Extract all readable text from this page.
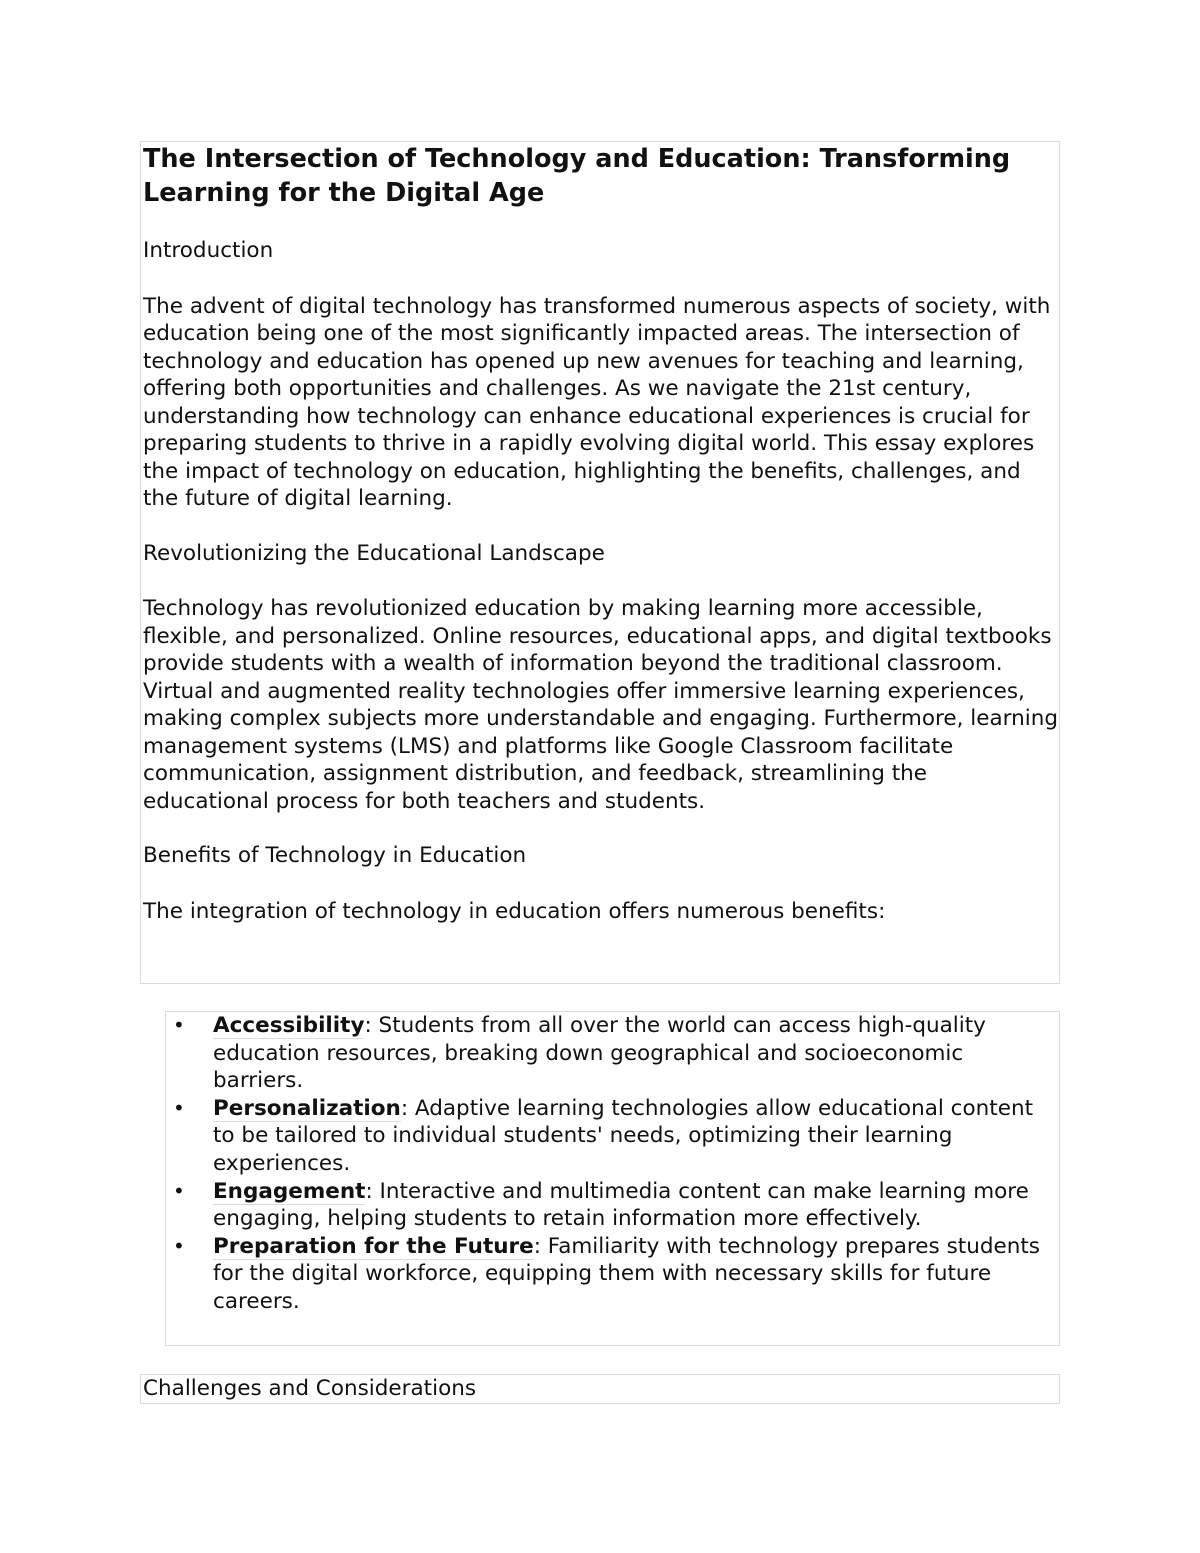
The Intersection of Technology and Education: Transforming Learning for the Digital Age

Introduction

The advent of digital technology has transformed numerous aspects of society, with education being one of the most significantly impacted areas. The intersection of technology and education has opened up new avenues for teaching and learning, offering both opportunities and challenges. As we navigate the 21st century, understanding how technology can enhance educational experiences is crucial for preparing students to thrive in a rapidly evolving digital world. This essay explores the impact of technology on education, highlighting the benefits, challenges, and the future of digital learning.

Revolutionizing the Educational Landscape

Technology has revolutionized education by making learning more accessible, flexible, and personalized. Online resources, educational apps, and digital textbooks provide students with a wealth of information beyond the traditional classroom. Virtual and augmented reality technologies offer immersive learning experiences, making complex subjects more understandable and engaging. Furthermore, learning management systems (LMS) and platforms like Google Classroom facilitate communication, assignment distribution, and feedback, streamlining the educational process for both teachers and students.

Benefits of Technology in Education

The integration of technology in education offers numerous benefits:

• Accessibility: Students from all over the world can access high-quality education resources, breaking down geographical and socioeconomic barriers.
• Personalization: Adaptive learning technologies allow educational content to be tailored to individual students' needs, optimizing their learning experiences.
• Engagement: Interactive and multimedia content can make learning more engaging, helping students to retain information more effectively.
• Preparation for the Future: Familiarity with technology prepares students for the digital workforce, equipping them with necessary skills for future careers.
Challenges and Considerations
